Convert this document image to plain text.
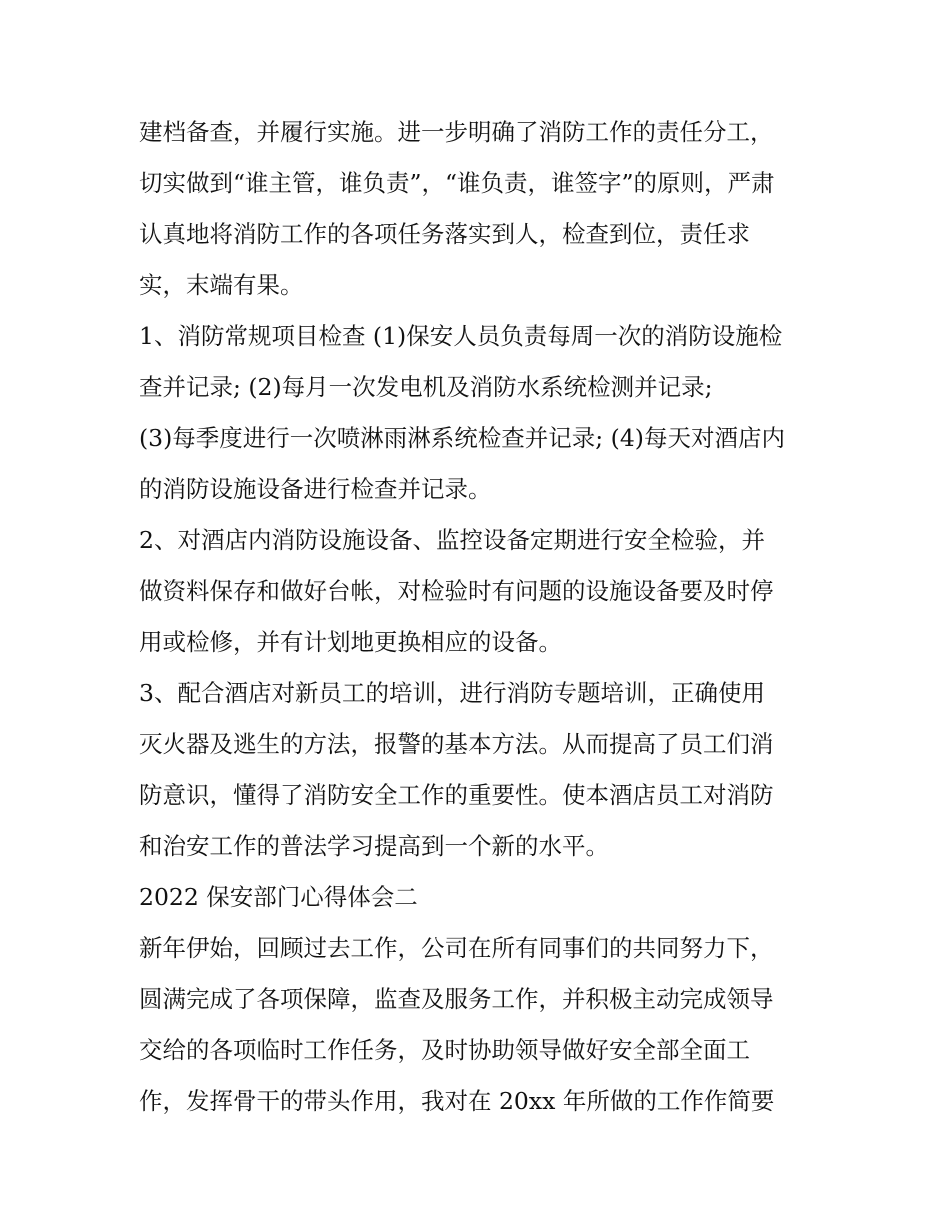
建档备查，并履行实施。进一步明确了消防工作的责任分工，
切实做到“谁主管，谁负责”，“谁负责，谁签字”的原则，严肃
认真地将消防工作的各项任务落实到人，检查到位，责任求
实，末端有果。
1、消防常规项目检查 (1)保安人员负责每周一次的消防设施检
查并记录; (2)每月一次发电机及消防水系统检测并记录;
(3)每季度进行一次喷淋雨淋系统检查并记录; (4)每天对酒店内
的消防设施设备进行检查并记录。
2、对酒店内消防设施设备、监控设备定期进行安全检验，并
做资料保存和做好台帐，对检验时有问题的设施设备要及时停
用或检修，并有计划地更换相应的设备。
3、配合酒店对新员工的培训，进行消防专题培训，正确使用
灭火器及逃生的方法，报警的基本方法。从而提高了员工们消
防意识，懂得了消防安全工作的重要性。使本酒店员工对消防
和治安工作的普法学习提高到一个新的水平。
2022 保安部门心得体会二
新年伊始，回顾过去工作，公司在所有同事们的共同努力下，
圆满完成了各项保障，监查及服务工作，并积极主动完成领导
交给的各项临时工作任务，及时协助领导做好安全部全面工
作，发挥骨干的带头作用，我对在 20xx 年所做的工作作简要
